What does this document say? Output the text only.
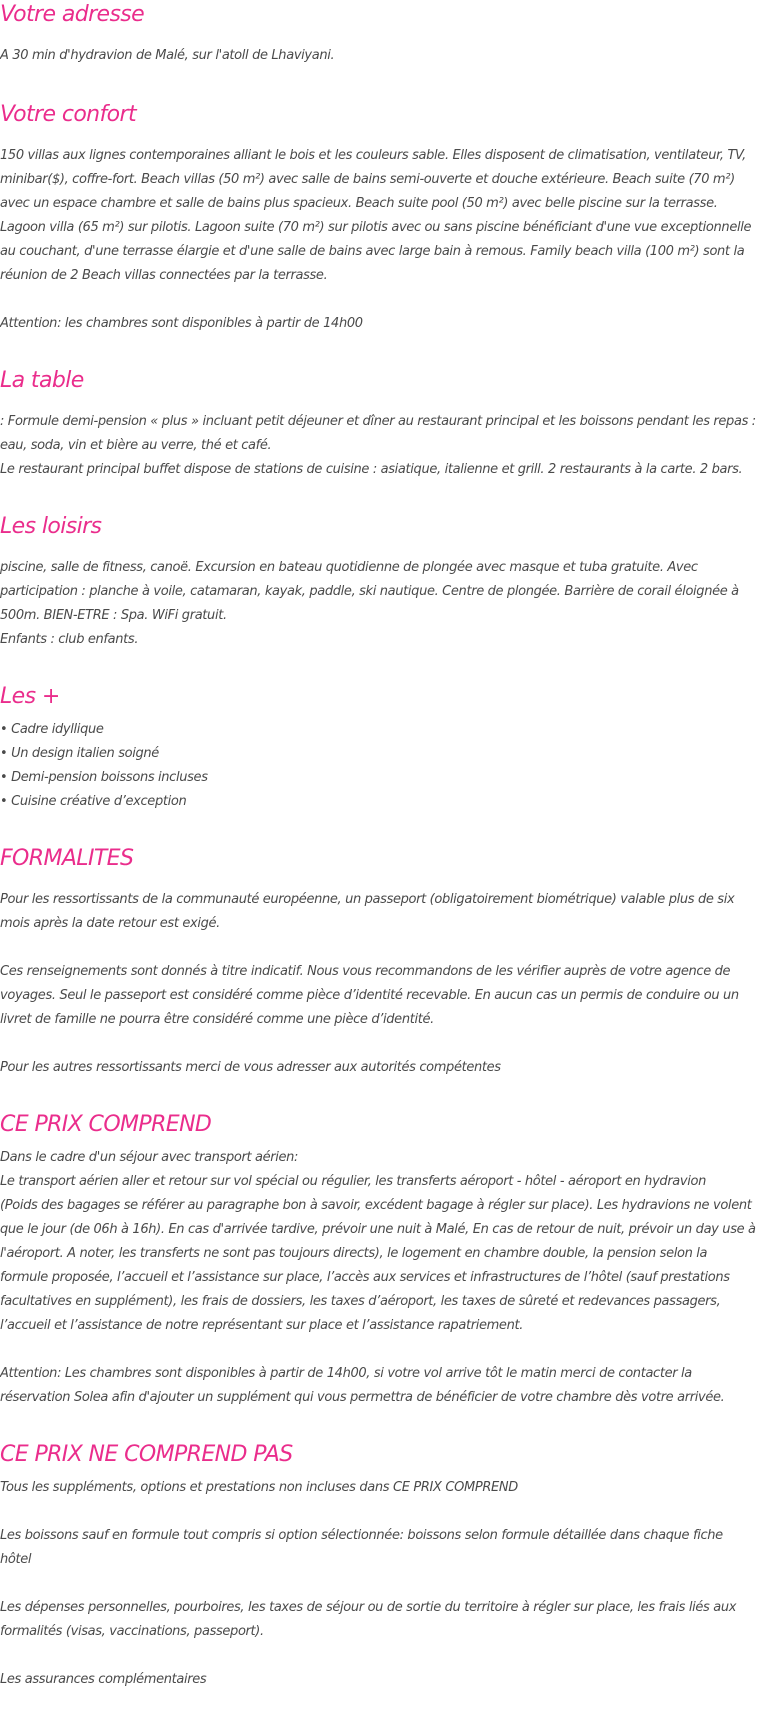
Votre adresse

A 30 min d'hydravion de Malé, sur l'atoll de Lhaviyani.

Votre confort

150 villas aux lignes contemporaines alliant le bois et les couleurs sable. Elles disposent de climatisation, ventilateur, TV,

minibar($), coffre-fort. Beach villas (50 m²) avec salle de bains semi-ouverte et douche extérieure. Beach suite (70 m²)

avec un espace chambre et salle de bains plus spacieux. Beach suite pool (50 m²) avec belle piscine sur la terrasse.

Lagoon villa (65 m²) sur pilotis. Lagoon suite (70 m²) sur pilotis avec ou sans piscine bénéficiant d'une vue exceptionnelle

au couchant, d'une terrasse élargie et d'une salle de bains avec large bain à remous. Family beach villa (100 m²) sont la

réunion de 2 Beach villas connectées par la terrasse.

Attention: les chambres sont disponibles à partir de 14h00

La table

: Formule demi-pension « plus » incluant petit déjeuner et dîner au restaurant principal et les boissons pendant les repas :

eau, soda, vin et bière au verre, thé et café.

Le restaurant principal buffet dispose de stations de cuisine : asiatique, italienne et grill. 2 restaurants à la carte. 2 bars.

Les loisirs

piscine, salle de fitness, canoë. Excursion en bateau quotidienne de plongée avec masque et tuba gratuite. Avec

participation : planche à voile, catamaran, kayak, paddle, ski nautique. Centre de plongée. Barrière de corail éloignée à

500m. BIEN-ETRE : Spa. WiFi gratuit.

Enfants : club enfants.

Les +

• Cadre idyllique

• Un design italien soigné

• Demi-pension boissons incluses

• Cuisine créative d’exception

FORMALITES

Pour les ressortissants de la communauté européenne, un passeport (obligatoirement biométrique) valable plus de six

mois après la date retour est exigé.

Ces renseignements sont donnés à titre indicatif. Nous vous recommandons de les vérifier auprès de votre agence de

voyages. Seul le passeport est considéré comme pièce d’identité recevable. En aucun cas un permis de conduire ou un

livret de famille ne pourra être considéré comme une pièce d’identité.

Pour les autres ressortissants merci de vous adresser aux autorités compétentes

CE PRIX COMPREND

Dans le cadre d'un séjour avec transport aérien:

Le transport aérien aller et retour sur vol spécial ou régulier, les transferts aéroport - hôtel - aéroport en hydravion

(Poids des bagages se référer au paragraphe bon à savoir, excédent bagage à régler sur place). Les hydravions ne volent

que le jour (de 06h à 16h). En cas d'arrivée tardive, prévoir une nuit à Malé, En cas de retour de nuit, prévoir un day use à

l'aéroport. A noter, les transferts ne sont pas toujours directs), le logement en chambre double, la pension selon la

formule proposée, l’accueil et l’assistance sur place, l’accès aux services et infrastructures de l’hôtel (sauf prestations

facultatives en supplément), les frais de dossiers, les taxes d’aéroport, les taxes de sûreté et redevances passagers,

l’accueil et l’assistance de notre représentant sur place et l’assistance rapatriement.

Attention: Les chambres sont disponibles à partir de 14h00, si votre vol arrive tôt le matin merci de contacter la

réservation Solea afin d'ajouter un supplément qui vous permettra de bénéficier de votre chambre dès votre arrivée.

CE PRIX NE COMPREND PAS

Tous les suppléments, options et prestations non incluses dans CE PRIX COMPREND

Les boissons sauf en formule tout compris si option sélectionnée: boissons selon formule détaillée dans chaque fiche

hôtel

Les dépenses personnelles, pourboires, les taxes de séjour ou de sortie du territoire à régler sur place, les frais liés aux

formalités (visas, vaccinations, passeport).

Les assurances complémentaires
